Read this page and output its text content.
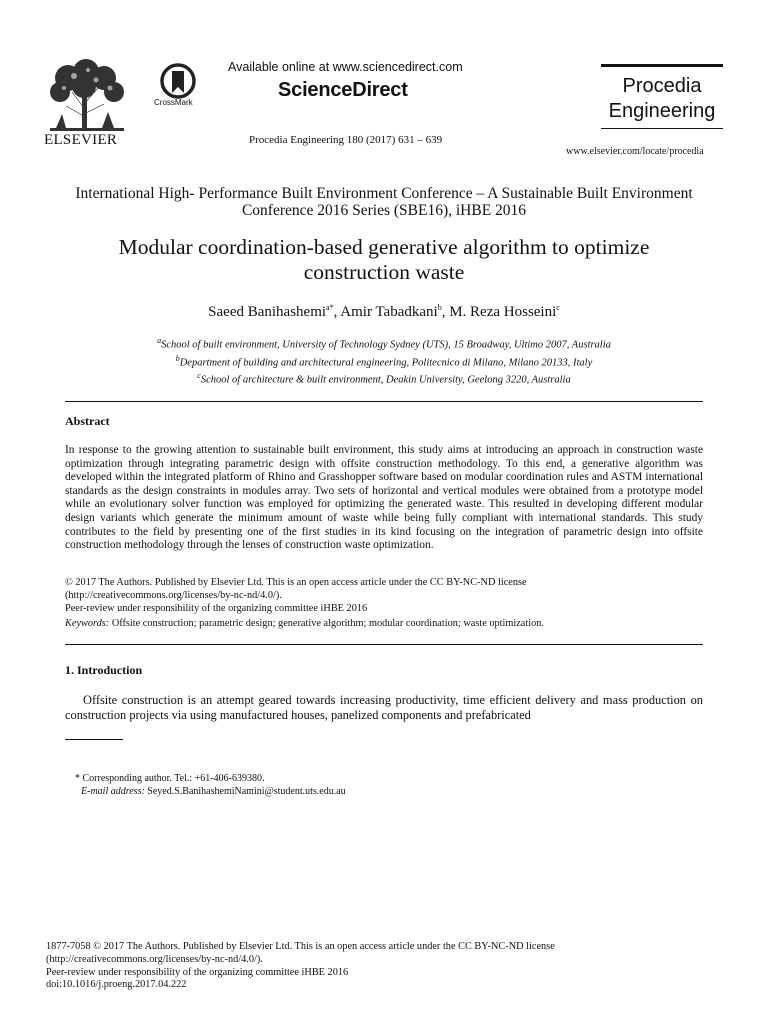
ELSEVIER
CrossMark
Available online at www.sciencedirect.com
ScienceDirect
Procedia Engineering 180 (2017) 631 – 639
Procedia
Engineering
www.elsevier.com/locate/procedia
International High- Performance Built Environment Conference – A Sustainable Built Environment Conference 2016 Series (SBE16), iHBE 2016
Modular coordination-based generative algorithm to optimize construction waste
Saeed Banihashemi$^{a*}$, Amir Tabadkani$^b$, M. Reza Hosseini$^c$
$^a$School of built environment, University of Technology Sydney (UTS), 15 Broadway, Ultimo 2007, Australia
$^b$Department of building and architectural engineering, Politecnico di Milano, Milano 20133, Italy
$^c$School of architecture & built environment, Deakin University, Geelong 3220, Australia
Abstract
In response to the growing attention to sustainable built environment, this study aims at introducing an approach in construction waste optimization through integrating parametric design with offsite construction methodology. To this end, a generative algorithm was developed within the integrated platform of Rhino and Grasshopper software based on modular coordination rules and ASTM international standards as the design constraints in modules array. Two sets of horizontal and vertical modules were obtained from a prototype model while an evolutionary solver function was employed for optimizing the generated waste. This resulted in developing different modular design variants which generate the minimum amount of waste while being fully compliant with international standards. This study contributes to the field by presenting one of the first studies in its kind focusing on the integration of parametric design into offsite construction methodology through the lenses of construction waste optimization.
© 2017 The Authors. Published by Elsevier Ltd. This is an open access article under the CC BY-NC-ND license
(http://creativecommons.org/licenses/by-nc-nd/4.0/).
Peer-review under responsibility of the organizing committee iHBE 2016
Keywords: Offsite construction; parametric design; generative algorithm; modular coordination; waste optimization.
1. Introduction
Offsite construction is an attempt geared towards increasing productivity, time efficient delivery and mass production on construction projects via using manufactured houses, panelized components and prefabricated
* Corresponding author. Tel.: +61-406-639380.
E-mail address: Seyed.S.BanihashemiNamini@student.uts.edu.au
1877-7058 © 2017 The Authors. Published by Elsevier Ltd. This is an open access article under the CC BY-NC-ND license
(http://creativecommons.org/licenses/by-nc-nd/4.0/).
Peer-review under responsibility of the organizing committee iHBE 2016
doi:10.1016/j.proeng.2017.04.222
